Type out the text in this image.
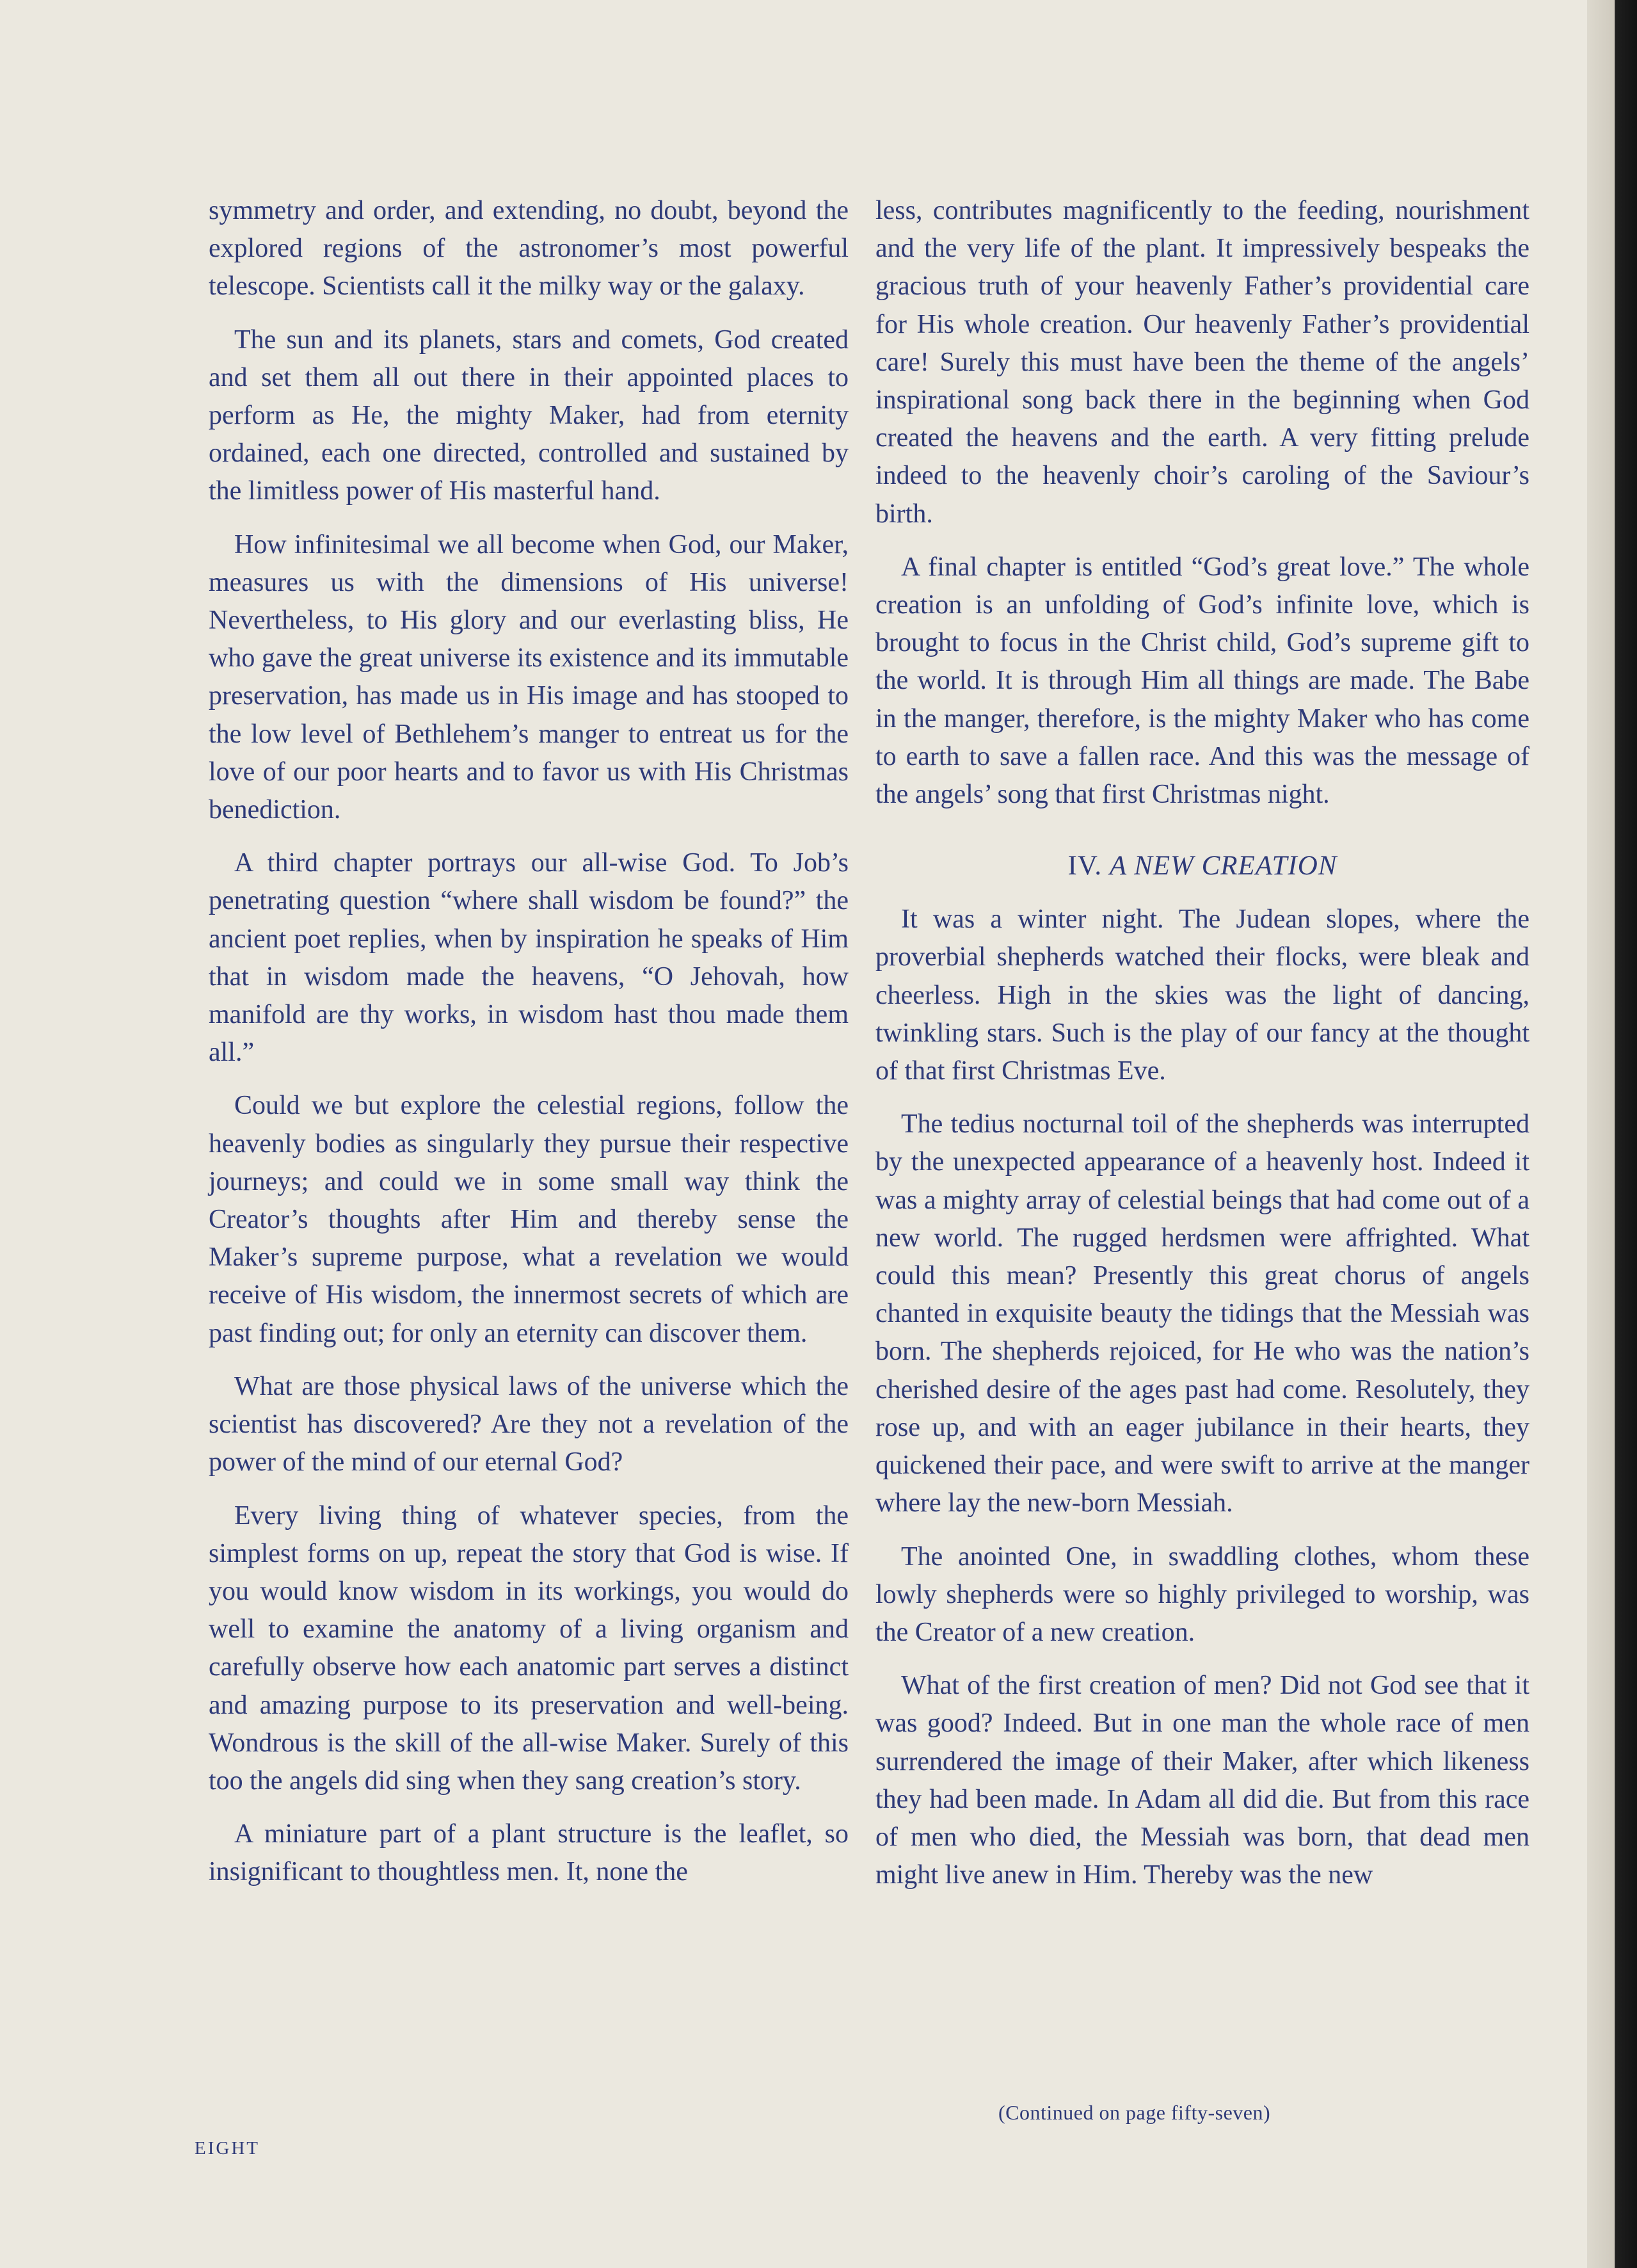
symmetry and order, and extending, no doubt, beyond the explored regions of the astronomer’s most powerful telescope. Scientists call it the milky way or the galaxy.

The sun and its planets, stars and comets, God created and set them all out there in their appointed places to perform as He, the mighty Maker, had from eternity ordained, each one directed, controlled and sustained by the limitless power of His masterful hand.

How infinitesimal we all become when God, our Maker, measures us with the dimensions of His universe! Nevertheless, to His glory and our everlasting bliss, He who gave the great universe its existence and its immutable preservation, has made us in His image and has stooped to the low level of Bethlehem’s manger to entreat us for the love of our poor hearts and to favor us with His Christmas benediction.

A third chapter portrays our all-wise God. To Job’s penetrating question “where shall wisdom be found?” the ancient poet replies, when by inspiration he speaks of Him that in wisdom made the heavens, “O Jehovah, how manifold are thy works, in wisdom hast thou made them all.”

Could we but explore the celestial regions, follow the heavenly bodies as singularly they pursue their respective journeys; and could we in some small way think the Creator’s thoughts after Him and thereby sense the Maker’s supreme purpose, what a revelation we would receive of His wisdom, the innermost secrets of which are past finding out; for only an eternity can discover them.

What are those physical laws of the universe which the scientist has discovered? Are they not a revelation of the power of the mind of our eternal God?

Every living thing of whatever species, from the simplest forms on up, repeat the story that God is wise. If you would know wisdom in its workings, you would do well to examine the anatomy of a living organism and carefully observe how each anatomic part serves a distinct and amazing purpose to its preservation and well-being. Wondrous is the skill of the all-wise Maker. Surely of this too the angels did sing when they sang creation’s story.

A miniature part of a plant structure is the leaflet, so insignificant to thoughtless men. It, none the

less, contributes magnificently to the feeding, nourishment and the very life of the plant. It impressively bespeaks the gracious truth of your heavenly Father’s providential care for His whole creation. Our heavenly Father’s providential care! Surely this must have been the theme of the angels’ inspirational song back there in the beginning when God created the heavens and the earth. A very fitting prelude indeed to the heavenly choir’s caroling of the Saviour’s birth.

A final chapter is entitled “God’s great love.” The whole creation is an unfolding of God’s infinite love, which is brought to focus in the Christ child, God’s supreme gift to the world. It is through Him all things are made. The Babe in the manger, therefore, is the mighty Maker who has come to earth to save a fallen race. And this was the message of the angels’ song that first Christmas night.

IV. A NEW CREATION

It was a winter night. The Judean slopes, where the proverbial shepherds watched their flocks, were bleak and cheerless. High in the skies was the light of dancing, twinkling stars. Such is the play of our fancy at the thought of that first Christmas Eve.

The tedius nocturnal toil of the shepherds was interrupted by the unexpected appearance of a heavenly host. Indeed it was a mighty array of celestial beings that had come out of a new world. The rugged herdsmen were affrighted. What could this mean? Presently this great chorus of angels chanted in exquisite beauty the tidings that the Messiah was born. The shepherds rejoiced, for He who was the nation’s cherished desire of the ages past had come. Resolutely, they rose up, and with an eager jubilance in their hearts, they quickened their pace, and were swift to arrive at the manger where lay the new-born Messiah.

The anointed One, in swaddling clothes, whom these lowly shepherds were so highly privileged to worship, was the Creator of a new creation.

What of the first creation of men? Did not God see that it was good? Indeed. But in one man the whole race of men surrendered the image of their Maker, after which likeness they had been made. In Adam all did die. But from this race of men who died, the Messiah was born, that dead men might live anew in Him. Thereby was the new

(Continued on page fifty-seven)
EIGHT
